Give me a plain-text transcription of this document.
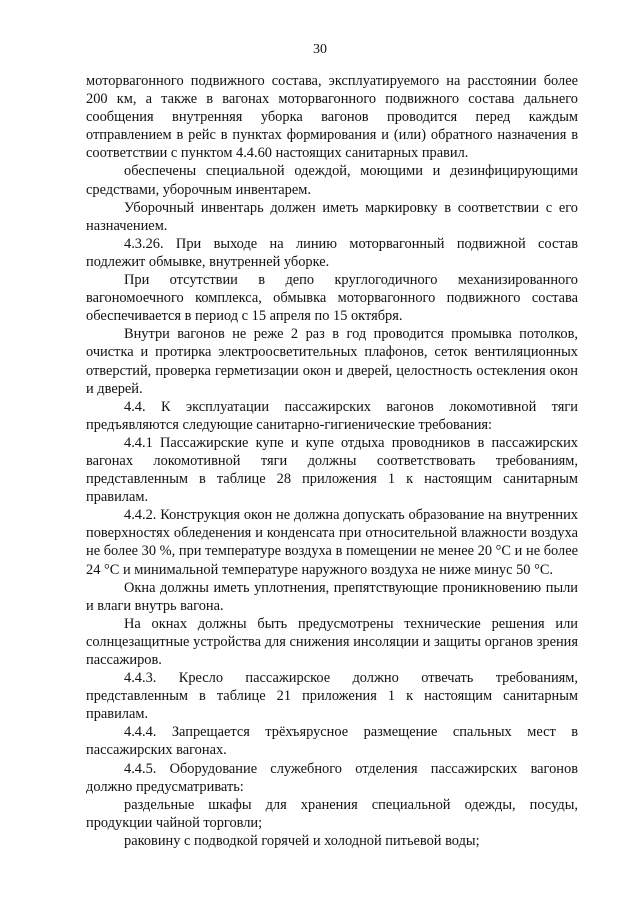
30

моторвагонного подвижного состава, эксплуатируемого на расстоянии более 200 км, а также в вагонах моторвагонного подвижного состава дальнего сообщения внутренняя уборка вагонов проводится перед каждым отправлением в рейс в пунктах формирования и (или) обратного назначения в соответствии с пунктом 4.4.60 настоящих санитарных правил.

обеспечены специальной одеждой, моющими и дезинфицирующими средствами, уборочным инвентарем.

Уборочный инвентарь должен иметь маркировку в соответствии с его назначением.

4.3.26. При выходе на линию моторвагонный подвижной состав подлежит обмывке, внутренней уборке.

При отсутствии в депо круглогодичного механизированного вагономоечного комплекса, обмывка моторвагонного подвижного состава обеспечивается в период с 15 апреля по 15 октября.

Внутри вагонов не реже 2 раз в год проводится промывка потолков, очистка и протирка электроосветительных плафонов, сеток вентиляционных отверстий, проверка герметизации окон и дверей, целостность остекления окон и дверей.

4.4. К эксплуатации пассажирских вагонов локомотивной тяги предъявляются следующие санитарно-гигиенические требования:

4.4.1 Пассажирские купе и купе отдыха проводников в пассажирских вагонах локомотивной тяги должны соответствовать требованиям, представленным в таблице 28 приложения 1 к настоящим санитарным правилам.

4.4.2. Конструкция окон не должна допускать образование на внутренних поверхностях обледенения и конденсата при относительной влажности воздуха не более 30 %, при температуре воздуха в помещении не менее 20 °С и не более 24 °С и минимальной температуре наружного воздуха не ниже минус 50 °С.

Окна должны иметь уплотнения, препятствующие проникновению пыли и влаги внутрь вагона.

На окнах должны быть предусмотрены технические решения или солнцезащитные устройства для снижения инсоляции и защиты органов зрения пассажиров.

4.4.3. Кресло пассажирское должно отвечать требованиям, представленным в таблице 21 приложения 1 к настоящим санитарным правилам.

4.4.4. Запрещается трёхъярусное размещение спальных мест в пассажирских вагонах.

4.4.5. Оборудование служебного отделения пассажирских вагонов должно предусматривать:

раздельные шкафы для хранения специальной одежды, посуды, продукции чайной торговли;

раковину с подводкой горячей и холодной питьевой воды;
